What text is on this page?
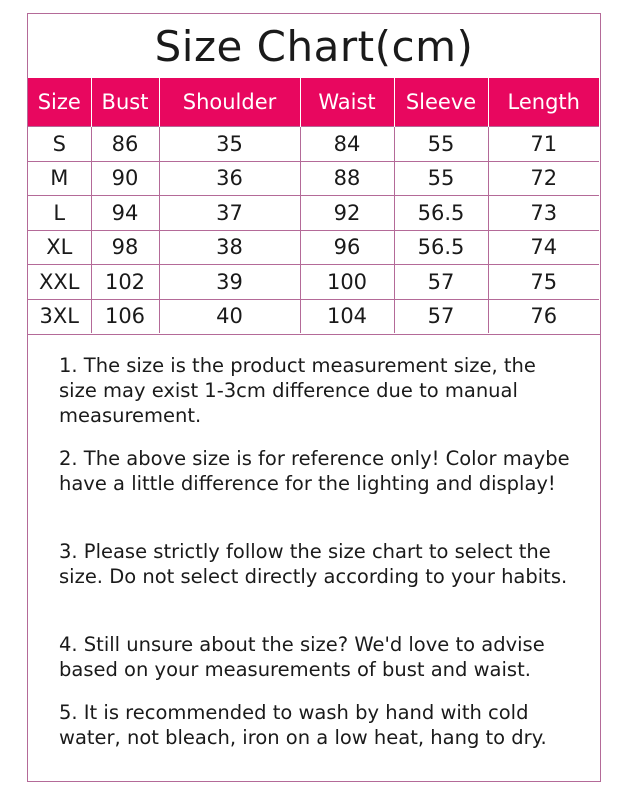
Size Chart(cm)
Size	Bust	Shoulder	Waist	Sleeve	Length
S	86	35	84	55	71
M	90	36	88	55	72
L	94	37	92	56.5	73
XL	98	38	96	56.5	74
XXL	102	39	100	57	75
3XL	106	40	104	57	76
1. The size is the product measurement size, the size may exist 1-3cm difference due to manual measurement.
2. The above size is for reference only! Color maybe have a little difference for the lighting and display!
3. Please strictly follow the size chart to select the size. Do not select directly according to your habits.
4. Still unsure about the size? We'd love to advise based on your measurements of bust and waist.
5. It is recommended to wash by hand with cold water, not bleach, iron on a low heat, hang to dry.
